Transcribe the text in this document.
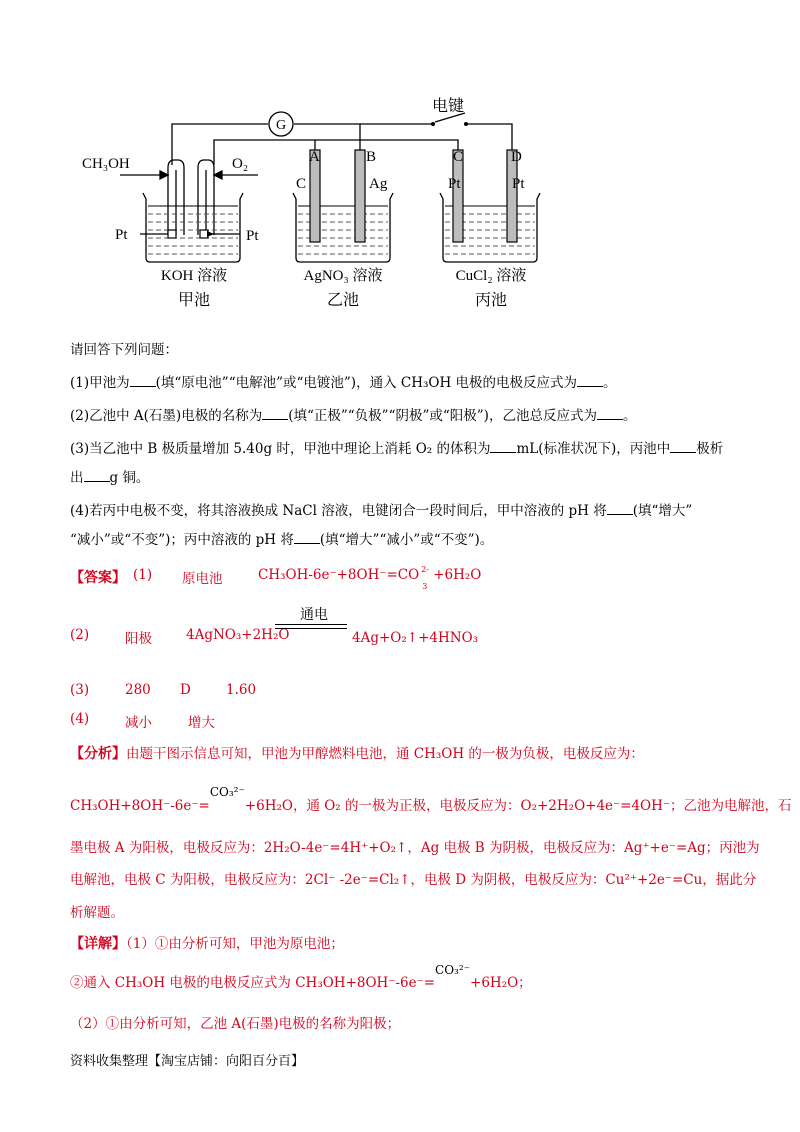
G
电键
CH₃OH	O₂
Pt	Pt
A	B	C	D
C	Ag	Pt	Pt
KOH 溶液	AgNO₃ 溶液	CuCl₂ 溶液
甲池	乙池	丙池
请回答下列问题：
(1)甲池为 (填“原电池”“电解池”或“电镀池”)，通入 CH₃OH 电极的电极反应式为 。
(2)乙池中 A(石墨)电极的名称为 (填“正极”“负极”“阴极”或“阳极”)，乙池总反应式为 。
(3)当乙池中 B 极质量增加 5.40g 时，甲池中理论上消耗 O₂ 的体积为 mL(标准状况下)，丙池中 极析
出 g 铜。
(4)若丙中电极不变，将其溶液换成 NaCl 溶液，电键闭合一段时间后，甲中溶液的 pH 将 (填“增大”
“减小”或“不变”)；丙中溶液的 pH 将 (填“增大”“减小”或“不变”)。
【答案】 (1) 原电池	CH₃OH-6e⁻+8OH⁻=CO 2-
3
+6H₂O
(2)	阳极	4AgNO₃+2H₂O
通电
4Ag+O₂↑+4HNO₃
(3)	280 D	1.60
(4)	减小	增大
【分析】由题干图示信息可知，甲池为甲醇燃料电池，通 CH₃OH 的一极为负极，电极反应为：
CH₃OH+8OH⁻-6e⁻=CO₃²⁻+6H₂O，通 O₂ 的一极为正极，电极反应为：O₂+2H₂O+4e⁻=4OH⁻；乙池为电解池，石
墨电极 A 为阳极，电极反应为：2H₂O-4e⁻=4H⁺+O₂↑，Ag 电极 B 为阴极，电极反应为：Ag⁺+e⁻=Ag；丙池为
电解池，电极 C 为阳极，电极反应为：2Cl⁻ -2e⁻=Cl₂↑，电极 D 为阴极，电极反应为：Cu²⁺+2e⁻=Cu，据此分
析解题。
【详解】（1）①由分析可知，甲池为原电池；
②通入 CH₃OH 电极的电极反应式为 CH₃OH+8OH⁻-6e⁻=CO₃²⁻+6H₂O；
（2）①由分析可知，乙池 A(石墨)电极的名称为阳极；
资料收集整理【淘宝店铺：向阳百分百】
